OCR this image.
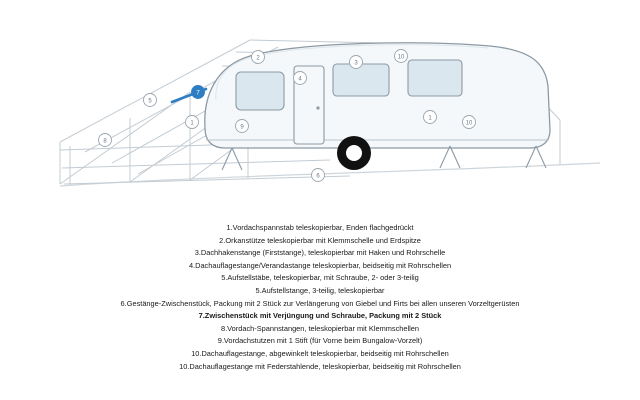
1
1
2
3
4
5
6
7
8
9
10
10
1.Vordachspannstab teleskopierbar, Enden flachgedrückt
2.Orkanstütze teleskopierbar mit Klemmschelle und Erdspitze
3.Dachhakenstange (Firststange), teleskopierbar mit Haken und Rohrschelle
4.Dachauflagestange/Verandastange teleskopierbar, beidseitig mit Rohrschellen
5.Aufstellstäbe, teleskopierbar, mit Schraube, 2- oder 3-teilig
5.Aufstellstange, 3-teilig, teleskopierbar
6.Gestänge-Zwischenstück, Packung mit 2 Stück zur Verlängerung von Giebel und Firts bei allen unseren Vorzeltgerüsten
7.Zwischenstück mit Verjüngung und Schraube, Packung mit 2 Stück
8.Vordach-Spannstangen, teleskopierbar mit Klemmschellen
9.Vordachstutzen mit 1 Stift (für Vorne beim Bungalow-Vorzelt)
10.Dachauflagestange, abgewinkelt teleskopierbar, beidseitig mit Rohrschellen
10.Dachauflagestange mit Federstahlende, teleskopierbar, beidseitig mit Rohrschellen
